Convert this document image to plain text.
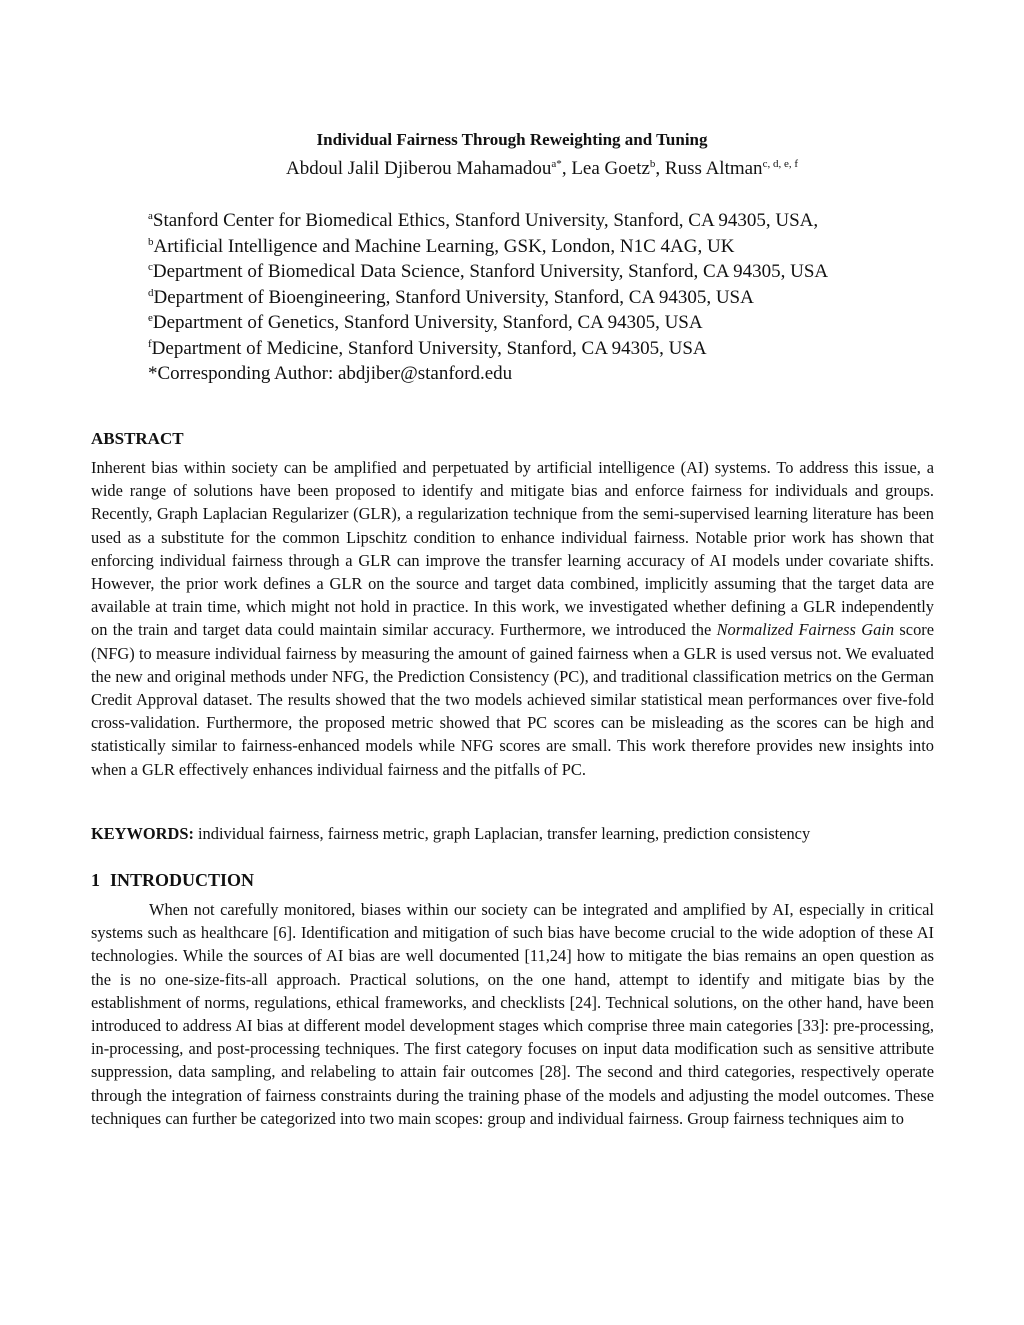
Individual Fairness Through Reweighting and Tuning
Abdoul Jalil Djiberou Mahamadou$^{a*}$, Lea Goetz$^b$, Russ Altman$^{c, d, e, f}$
$^a$Stanford Center for Biomedical Ethics, Stanford University, Stanford, CA 94305, USA,
$^b$Artificial Intelligence and Machine Learning, GSK, London, N1C 4AG, UK
$^c$Department of Biomedical Data Science, Stanford University, Stanford, CA 94305, USA
$^d$Department of Bioengineering, Stanford University, Stanford, CA 94305, USA
$^e$Department of Genetics, Stanford University, Stanford, CA 94305, USA
$^f$Department of Medicine, Stanford University, Stanford, CA 94305, USA
*Corresponding Author: abdjiber@stanford.edu
ABSTRACT
Inherent bias within society can be amplified and perpetuated by artificial intelligence (AI) systems. To address this issue, a wide range of solutions have been proposed to identify and mitigate bias and enforce fairness for individuals and groups. Recently, Graph Laplacian Regularizer (GLR), a regularization technique from the semi-supervised learning literature has been used as a substitute for the common Lipschitz condition to enhance individual fairness. Notable prior work has shown that enforcing individual fairness through a GLR can improve the transfer learning accuracy of AI models under covariate shifts. However, the prior work defines a GLR on the source and target data combined, implicitly assuming that the target data are available at train time, which might not hold in practice. In this work, we investigated whether defining a GLR independently on the train and target data could maintain similar accuracy. Furthermore, we introduced the Normalized Fairness Gain score (NFG) to measure individual fairness by measuring the amount of gained fairness when a GLR is used versus not. We evaluated the new and original methods under NFG, the Prediction Consistency (PC), and traditional classification metrics on the German Credit Approval dataset. The results showed that the two models achieved similar statistical mean performances over five-fold cross-validation. Furthermore, the proposed metric showed that PC scores can be misleading as the scores can be high and statistically similar to fairness-enhanced models while NFG scores are small. This work therefore provides new insights into when a GLR effectively enhances individual fairness and the pitfalls of PC.
KEYWORDS: individual fairness, fairness metric, graph Laplacian, transfer learning, prediction consistency
1 INTRODUCTION
When not carefully monitored, biases within our society can be integrated and amplified by AI, especially in critical systems such as healthcare [6]. Identification and mitigation of such bias have become crucial to the wide adoption of these AI technologies. While the sources of AI bias are well documented [11,24] how to mitigate the bias remains an open question as the is no one-size-fits-all approach. Practical solutions, on the one hand, attempt to identify and mitigate bias by the establishment of norms, regulations, ethical frameworks, and checklists [24]. Technical solutions, on the other hand, have been introduced to address AI bias at different model development stages which comprise three main categories [33]: pre-processing, in-processing, and post-processing techniques. The first category focuses on input data modification such as sensitive attribute suppression, data sampling, and relabeling to attain fair outcomes [28]. The second and third categories, respectively operate through the integration of fairness constraints during the training phase of the models and adjusting the model outcomes. These techniques can further be categorized into two main scopes: group and individual fairness. Group fairness techniques aim to
